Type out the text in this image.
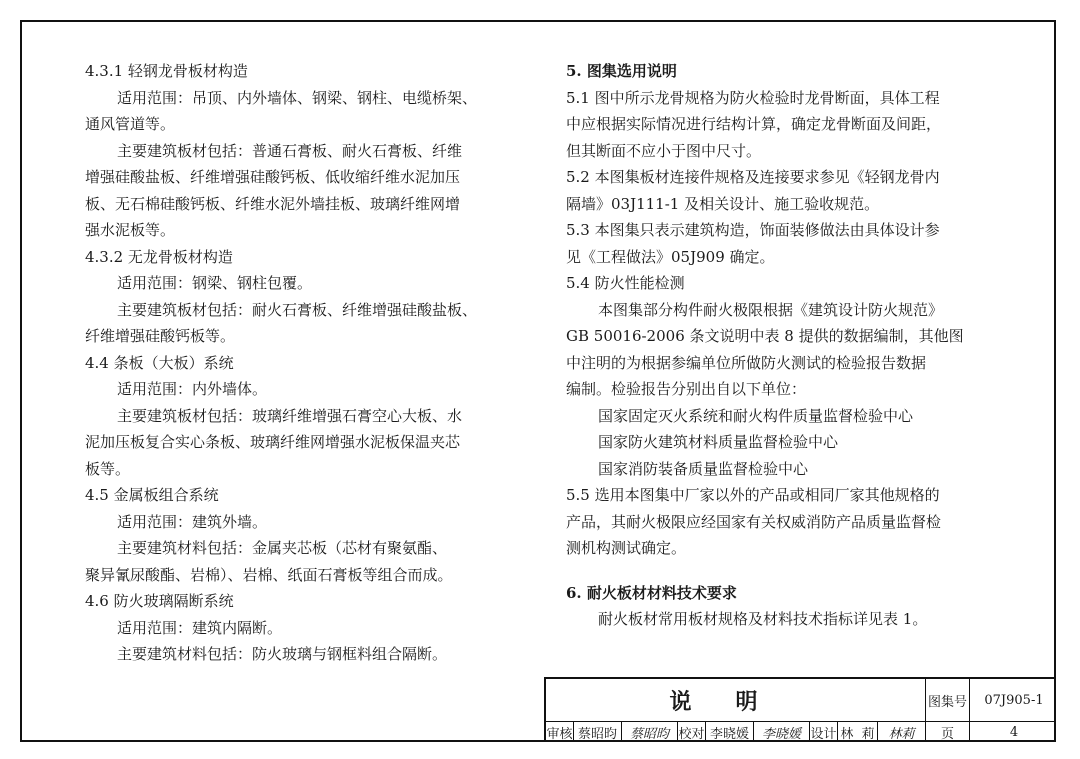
4.3.1 轻钢龙骨板材构造

适用范围：吊顶、内外墙体、钢梁、钢柱、电缆桥架、

通风管道等。

主要建筑板材包括：普通石膏板、耐火石膏板、纤维

增强硅酸盐板、纤维增强硅酸钙板、低收缩纤维水泥加压

板、无石棉硅酸钙板、纤维水泥外墙挂板、玻璃纤维网增

强水泥板等。

4.3.2 无龙骨板材构造

适用范围：钢梁、钢柱包覆。

主要建筑板材包括：耐火石膏板、纤维增强硅酸盐板、

纤维增强硅酸钙板等。

4.4 条板（大板）系统

适用范围：内外墙体。

主要建筑板材包括：玻璃纤维增强石膏空心大板、水

泥加压板复合实心条板、玻璃纤维网增强水泥板保温夹芯

板等。

4.5 金属板组合系统

适用范围：建筑外墙。

主要建筑材料包括：金属夹芯板（芯材有聚氨酯、

聚异氰尿酸酯、岩棉）、岩棉、纸面石膏板等组合而成。

4.6 防火玻璃隔断系统

适用范围：建筑内隔断。

主要建筑材料包括：防火玻璃与钢框料组合隔断。

5. 图集选用说明

5.1 图中所示龙骨规格为防火检验时龙骨断面，具体工程

中应根据实际情况进行结构计算，确定龙骨断面及间距，

但其断面不应小于图中尺寸。

5.2 本图集板材连接件规格及连接要求参见《轻钢龙骨内

隔墙》03J111-1 及相关设计、施工验收规范。

5.3 本图集只表示建筑构造，饰面装修做法由具体设计参

见《工程做法》05J909 确定。

5.4 防火性能检测

本图集部分构件耐火极限根据《建筑设计防火规范》

GB 50016-2006 条文说明中表 8 提供的数据编制，其他图

中注明的为根据参编单位所做防火测试的检验报告数据

编制。检验报告分别出自以下单位：

国家固定灭火系统和耐火构件质量监督检验中心

国家防火建筑材料质量监督检验中心

国家消防装备质量监督检验中心

5.5 选用本图集中厂家以外的产品或相同厂家其他规格的

产品，其耐火极限应经国家有关权威消防产品质量监督检

测机构测试确定。

6. 耐火板材材料技术要求

耐火板材常用板材规格及材料技术指标详见表 1。

说明	图集号	07J905-1
审核 蔡昭昀 蔡昭昀 校对 李晓媛 李晓媛 设计 林  莉	林莉	页	4
